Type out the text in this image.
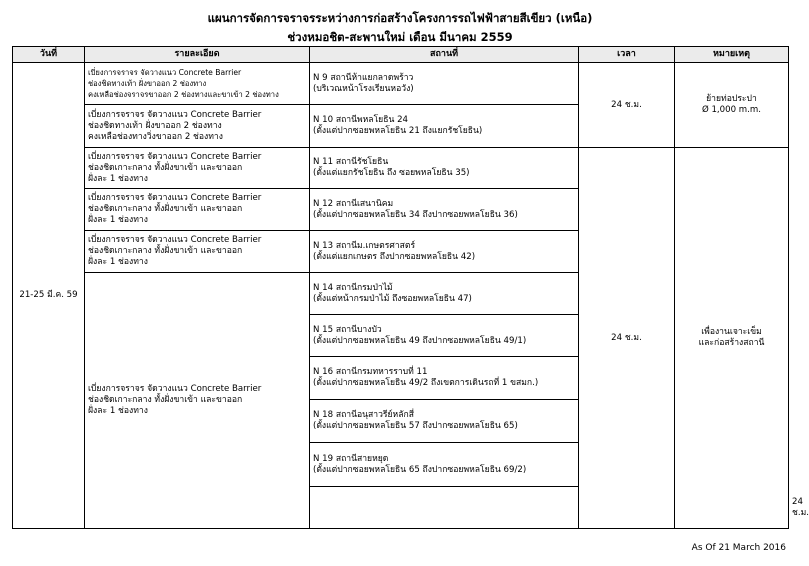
แผนการจัดการจราจรระหว่างการก่อสร้างโครงการรถไฟฟ้าสายสีเขียว (เหนือ)
ช่วงหมอชิต-สะพานใหม่ เดือน มีนาคม 2559
วันที่	รายละเอียด	สถานที่	เวลา	หมายเหตุ	
21-25 มี.ค. 59	เบี่ยงการจราจร จัดวางแนว Concrete Barrier
ช่องชิดทางเท้า ฝั่งขาออก 2 ช่องทาง
คงเหลือช่องจราจรขาออก 2 ช่องทางและขาเข้า 2 ช่องทาง	N 9 สถานีห้าแยกลาดพร้าว
(บริเวณหน้าโรงเรียนหอวัง)	24 ช.ม.	ย้ายท่อประปา
Ø 1,000 m.m.	

	เบี่ยงการจราจร จัดวางแนว Concrete Barrier
ช่องชิดทางเท้า ฝั่งขาออก 2 ช่องทาง
คงเหลือช่องทางวิ่งขาออก 2 ช่องทาง	N 10 สถานีพหลโยธิน 24
(ตั้งแต่ปากซอยพหลโยธิน 21 ถึงแยกรัชโยธิน)			

	เบี่ยงการจราจร จัดวางแนว Concrete Barrier
ช่องชิดเกาะกลาง ทั้งฝั่งขาเข้า และขาออก
ฝั่งละ 1 ช่องทาง	N 11 สถานีรัชโยธิน
(ตั้งแต่แยกรัชโยธิน ถึง ซอยพหลโยธิน 35)	24 ช.ม.	เพื่องานเจาะเข็ม
และก่อสร้างสถานี	

	เบี่ยงการจราจร จัดวางแนว Concrete Barrier
ช่องชิดเกาะกลาง ทั้งฝั่งขาเข้า และขาออก
ฝั่งละ 1 ช่องทาง	N 12 สถานีเสนานิคม
(ตั้งแต่ปากซอยพหลโยธิน 34 ถึงปากซอยพหลโยธิน 36)			

	เบี่ยงการจราจร จัดวางแนว Concrete Barrier
ช่องชิดเกาะกลาง ทั้งฝั่งขาเข้า และขาออก
ฝั่งละ 1 ช่องทาง	N 13 สถานีม.เกษตรศาสตร์
(ตั้งแต่แยกเกษตร ถึงปากซอยพหลโยธิน 42)			

	เบี่ยงการจราจร จัดวางแนว Concrete Barrier
ช่องชิดเกาะกลาง ทั้งฝั่งขาเข้า และขาออก
ฝั่งละ 1 ช่องทาง	N 14 สถานีกรมป่าไม้
(ตั้งแต่หน้ากรมป่าไม้ ถึงซอยพหลโยธิน 47)			

		N 15 สถานีบางบัว
(ตั้งแต่ปากซอยพหลโยธิน 49 ถึงปากซอยพหลโยธิน 49/1)			

		N 16 สถานีกรมทหารราบที่ 11
(ตั้งแต่ปากซอยพหลโยธิน 49/2 ถึงเขตการเดินรถที่ 1 ขสมก.)			

		N 18 สถานีอนุสาวรีย์หลักสี่
(ตั้งแต่ปากซอยพหลโยธิน 57 ถึงปากซอยพหลโยธิน 65)			

		N 19 สถานีสายหยุด
(ตั้งแต่ปากซอยพหลโยธิน 65 ถึงปากซอยพหลโยธิน 69/2)			

	24 ช.ม.	
As Of 21 March 2016
